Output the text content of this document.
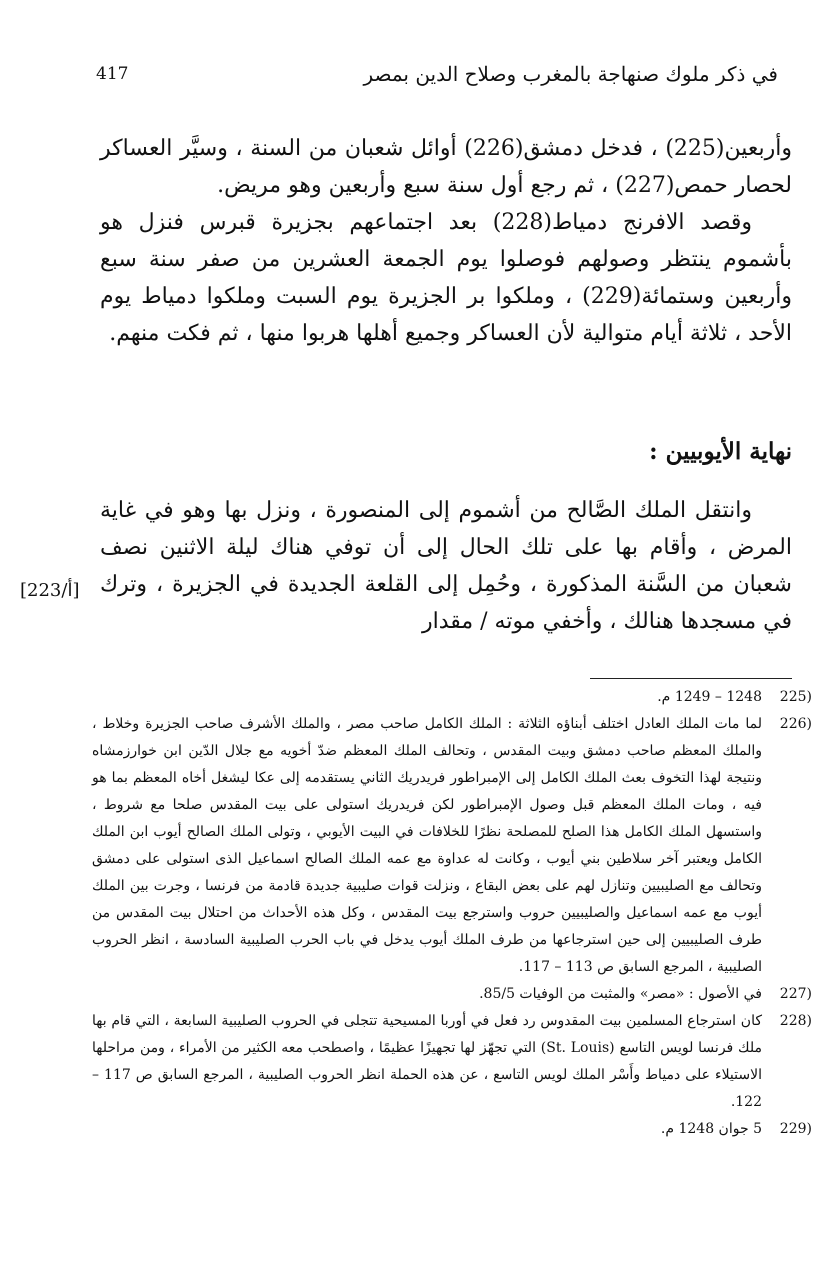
417	في ذكر ملوك صنهاجة بالمغرب وصلاح الدين بمصر

وأربعين(225) ، فدخل دمشق(226) أوائل شعبان من السنة ، وسيَّر العساكر لحصار حمص(227) ، ثم رجع أول سنة سبع وأربعين وهو مريض.

وقصد الافرنج دمياط(228) بعد اجتماعهم بجزيرة قبرس فنزل هو بأشموم ينتظر وصولهم فوصلوا يوم الجمعة العشرين من صفر سنة سبع وأربعين وستمائة(229) ، وملكوا بر الجزيرة يوم السبت وملكوا دمياط يوم الأحد ، ثلاثة أيام متوالية لأن العساكر وجميع أهلها هربوا منها ، ثم فكت منهم.

نهاية الأيوبيين :

وانتقل الملك الصَّالح من أشموم إلى المنصورة ، ونزل بها وهو في غاية المرض ، وأقام بها على تلك الحال إلى أن توفي هناك ليلة الاثنين نصف شعبان من السَّنة المذكورة ، وحُمِل إلى القلعة الجديدة في الجزيرة ، وترك في مسجدها هنالك ، وأخفي موته / مقدار

[223/أ]
(225
1248 – 1249 م.
(226
لما مات الملك العادل اختلف أبناؤه الثلاثة : الملك الكامل صاحب مصر ، والملك الأشرف صاحب الجزيرة وخلاط ، والملك المعظم صاحب دمشق وبيت المقدس ، وتحالف الملك المعظم ضدّ أخويه مع جلال الدّين ابن خوارزمشاه ونتيجة لهذا التخوف بعث الملك الكامل إلى الإمبراطور فريدريك الثاني يستقدمه إلى عكا ليشغل أخاه المعظم بما هو فيه ، ومات الملك المعظم قبل وصول الإمبراطور لكن فريدريك استولى على بيت المقدس صلحا مع شروط ، واستسهل الملك الكامل هذا الصلح للمصلحة نظرًا للخلافات في البيت الأيوبي ، وتولى الملك الصالح أيوب ابن الملك الكامل ويعتبر آخر سلاطين بني أيوب ، وكانت له عداوة مع عمه الملك الصالح اسماعيل الذى استولى على دمشق وتحالف مع الصليبيين وتنازل لهم على بعض البقاع ، ونزلت قوات صليبية جديدة قادمة من فرنسا ، وجرت بين الملك أيوب مع عمه اسماعيل والصليبيين حروب واسترجع بيت المقدس ، وكل هذه الأحداث من احتلال بيت المقدس من طرف الصليبيين إلى حين استرجاعها من طرف الملك أيوب يدخل في باب الحرب الصليبية السادسة ، انظر الحروب الصليبية ، المرجع السابق ص 113 – 117.
(227
في الأصول : «مصر» والمثبت من الوفيات 85/5.
(228
كان استرجاع المسلمين بيت المقدوس رد فعل في أوربا المسيحية تتجلى في الحروب الصليبية السابعة ، التي قام بها ملك فرنسا لويس التاسع (St. Louis) التي تجهّز لها تجهيزًا عظيمًا ، واصطحب معه الكثير من الأمراء ، ومن مراحلها الاستيلاء على دمياط وأَسْر الملك لويس التاسع ، عن هذه الحملة انظر الحروب الصليبية ، المرجع السابق ص 117 – 122.
(229
5 جوان 1248 م.
